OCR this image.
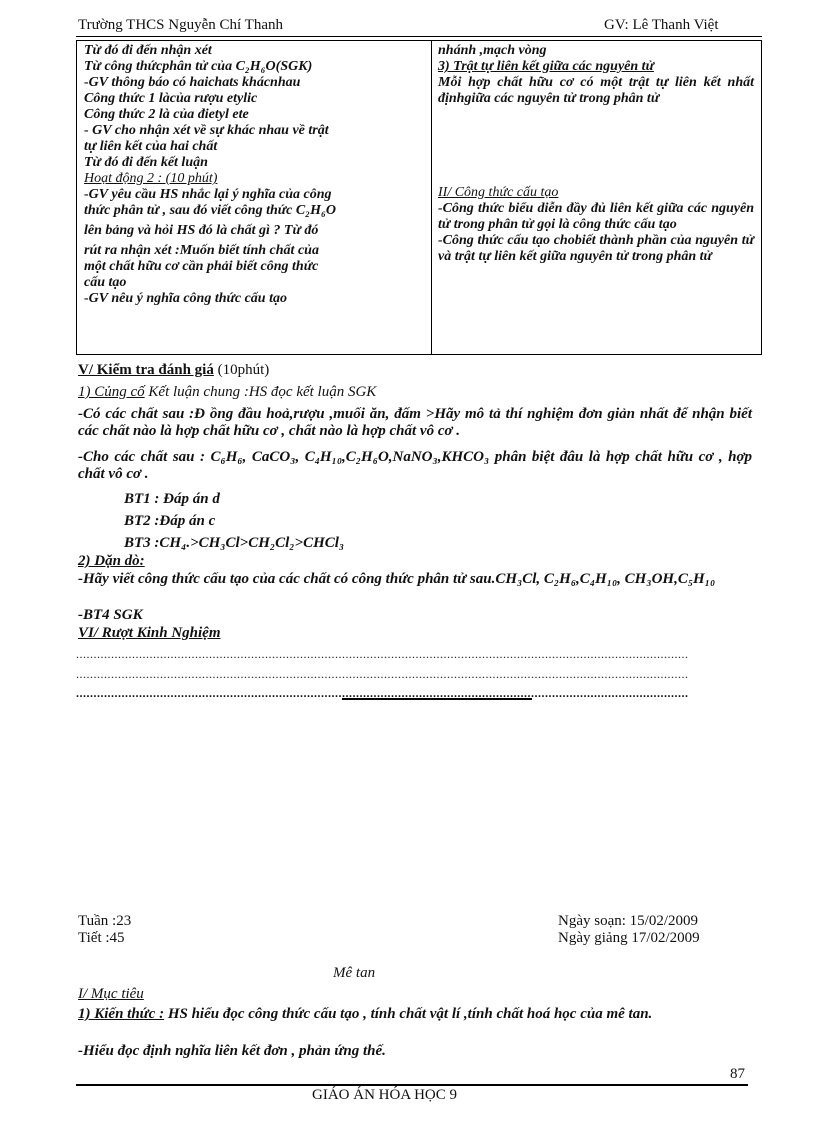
Trường THCS Nguyễn Chí Thanh	GV: Lê Thanh Việt
Từ đó đi đến nhận xét
Từ công thứcphân tử của C₂H₆O(SGK)
-GV thông báo có haichats khácnhau
Công thức 1 làcủa rượu etylic
Công thức 2 là của đietyl ete
- GV cho nhận xét về sự khác nhau về trật
tự liên kết của hai chất
Từ đó đi đến kết luận
Hoạt động 2 : (10 phút)
-GV yêu cầu HS nhắc lại ý nghĩa của công
thức phân tử , sau đó viết công thức C₂H₆O
lên bảng và hỏi HS đó là chất gì ? Từ đó
rút ra nhận xét :Muốn biết tính chất của
một chất hữu cơ cần phải biết công thức
cấu tạo
-GV nêu ý nghĩa công thức cấu tạo
nhánh ,mạch vòng
3) Trật tự liên kết giữa các nguyên tử
Mỗi hợp chất hữu cơ có một trật tự liên kết nhất địnhgiữa các nguyên tử trong phân tử
II/ Công thức cấu tạo
-Công thức biểu diễn đầy đủ liên kết giữa các nguyên tử trong phân tử gọi là công thức cấu tạo
-Công thức cấu tạo chobiết thành phần của nguyên tử và trật tự liên kết giữa nguyên tử trong phân tử
V/ Kiểm tra đánh giá (10phút)
1) Củng cố Kết luận chung :HS đọc kết luận SGK
-Có các chất sau :Đ ồng đầu hoả,rượu ,muối ăn, đấm >Hãy mô tả thí nghiệm đơn giản nhất để nhận biết các chất nào là hợp chất hữu cơ , chất nào là hợp chất vô cơ .
-Cho các chất sau : C₆H₆, CaCO₃, C₄H₁₀,C₂H₆O,NaNO₃,KHCO₃ phân biệt đâu là hợp chất hữu cơ , hợp chất vô cơ .
BT1 : Đáp án d
BT2 :Đáp án c
BT3 :CH₄.>CH₃Cl>CH₂Cl₂>CHCl₃
2) Dặn dò:
-Hãy viết công thức cấu tạo của các chất có công thức phân tử sau.CH₃Cl, C₂H₆,C₄H₁₀, CH₃OH,C₅H₁₀
-BT4 SGK
VI/ Rượt Kinh Nghiệm
...............................................................................................................................................................................
...............................................................................................................................................................................
...............................................................................................................................................................................
Tuần :23
Tiết :45
Ngày soạn: 15/02/2009
Ngày giảng 17/02/2009
Mê tan
I/ Mục tiêu
1) Kiến thức : HS hiểu đọc công thức cấu tạo , tính chất vật lí ,tính chất hoá học của mê tan.
-Hiểu đọc định nghĩa liên kết đơn , phản ứng thế.
87
GIÁO ÁN HÓA HỌC 9
